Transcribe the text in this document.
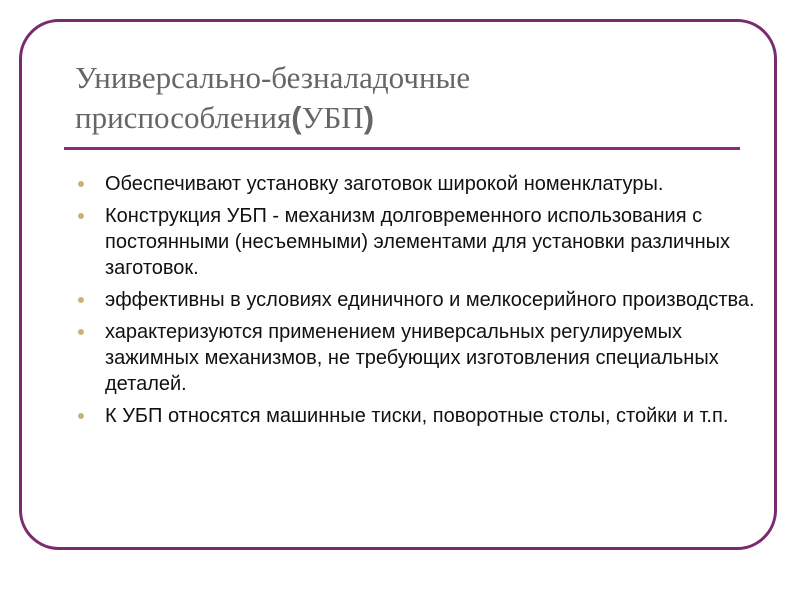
Универсально-безналадочные
приспособления(УБП)
Обеспечивают установку заготовок широкой номенклатуры.
Конструкция УБП - механизм долговременного использования с постоянными (несъемными) элементами для установки различных заготовок.
эффективны в условиях единичного и мелкосерийного производства.
характеризуются применением универсальных регулируемых зажимных механизмов, не требующих изготовления специальных деталей.
К УБП относятся машинные тиски, поворотные столы, стойки и т.п.
